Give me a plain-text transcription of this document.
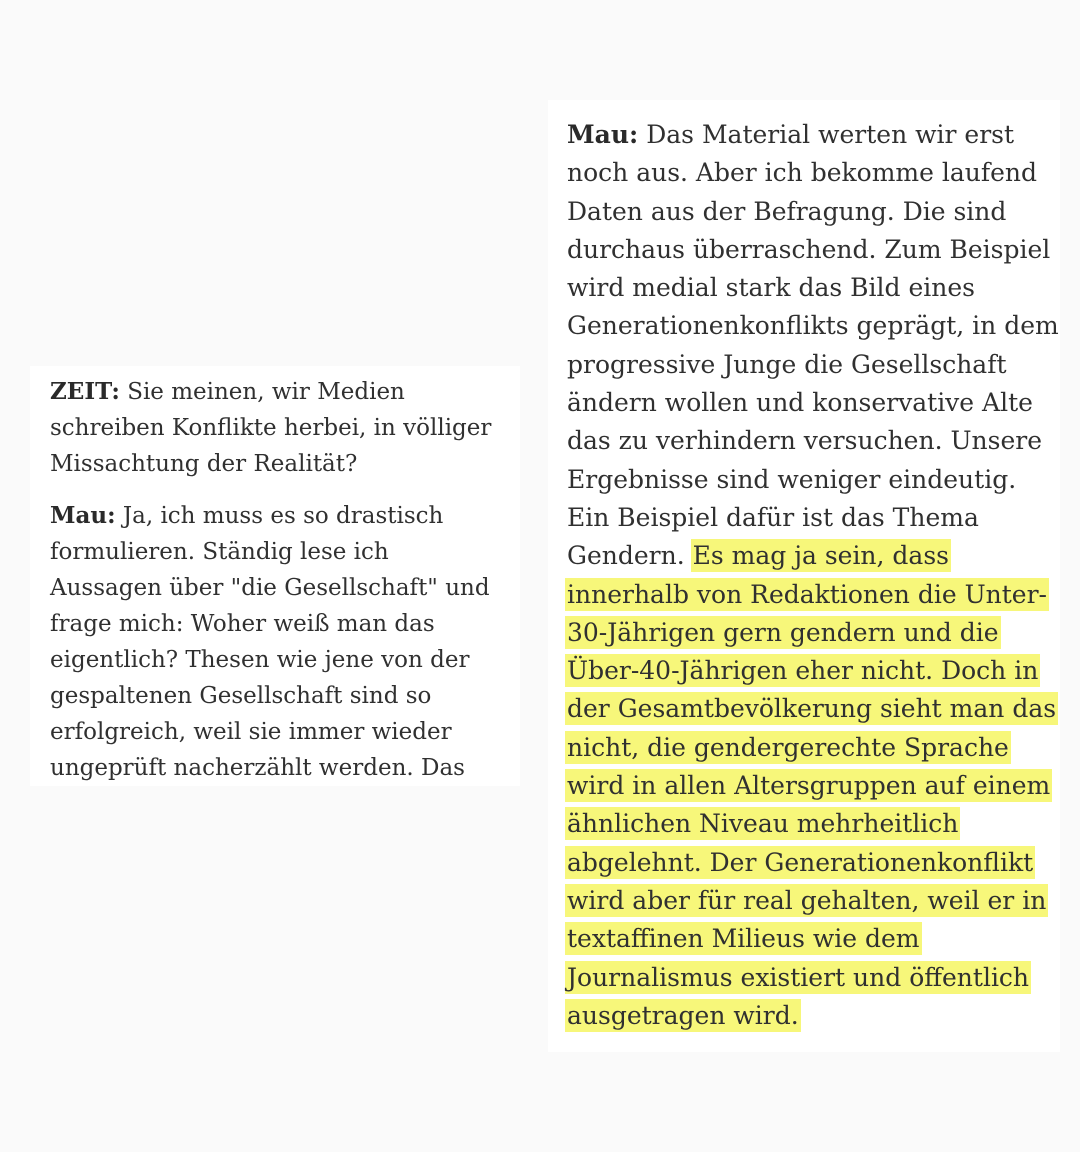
ZEIT: Sie meinen, wir Medien
schreiben Konflikte herbei, in völliger
Missachtung der Realität?

Mau: Ja, ich muss es so drastisch
formulieren. Ständig lese ich
Aussagen über "die Gesellschaft" und
frage mich: Woher weiß man das
eigentlich? Thesen wie jene von der
gespaltenen Gesellschaft sind so
erfolgreich, weil sie immer wieder
ungeprüft nacherzählt werden. Das

Mau: Das Material werten wir erst
noch aus. Aber ich bekomme laufend
Daten aus der Befragung. Die sind
durchaus überraschend. Zum Beispiel
wird medial stark das Bild eines
Generationenkonflikts geprägt, in dem
progressive Junge die Gesellschaft
ändern wollen und konservative Alte
das zu verhindern versuchen. Unsere
Ergebnisse sind weniger eindeutig.
Ein Beispiel dafür ist das Thema
Gendern. Es mag ja sein, dass
innerhalb von Redaktionen die Unter-
30-Jährigen gern gendern und die
Über-40-Jährigen eher nicht. Doch in
der Gesamtbevölkerung sieht man das
nicht, die gendergerechte Sprache
wird in allen Altersgruppen auf einem
ähnlichen Niveau mehrheitlich
abgelehnt. Der Generationenkonflikt
wird aber für real gehalten, weil er in
textaffinen Milieus wie dem
Journalismus existiert und öffentlich
ausgetragen wird.
